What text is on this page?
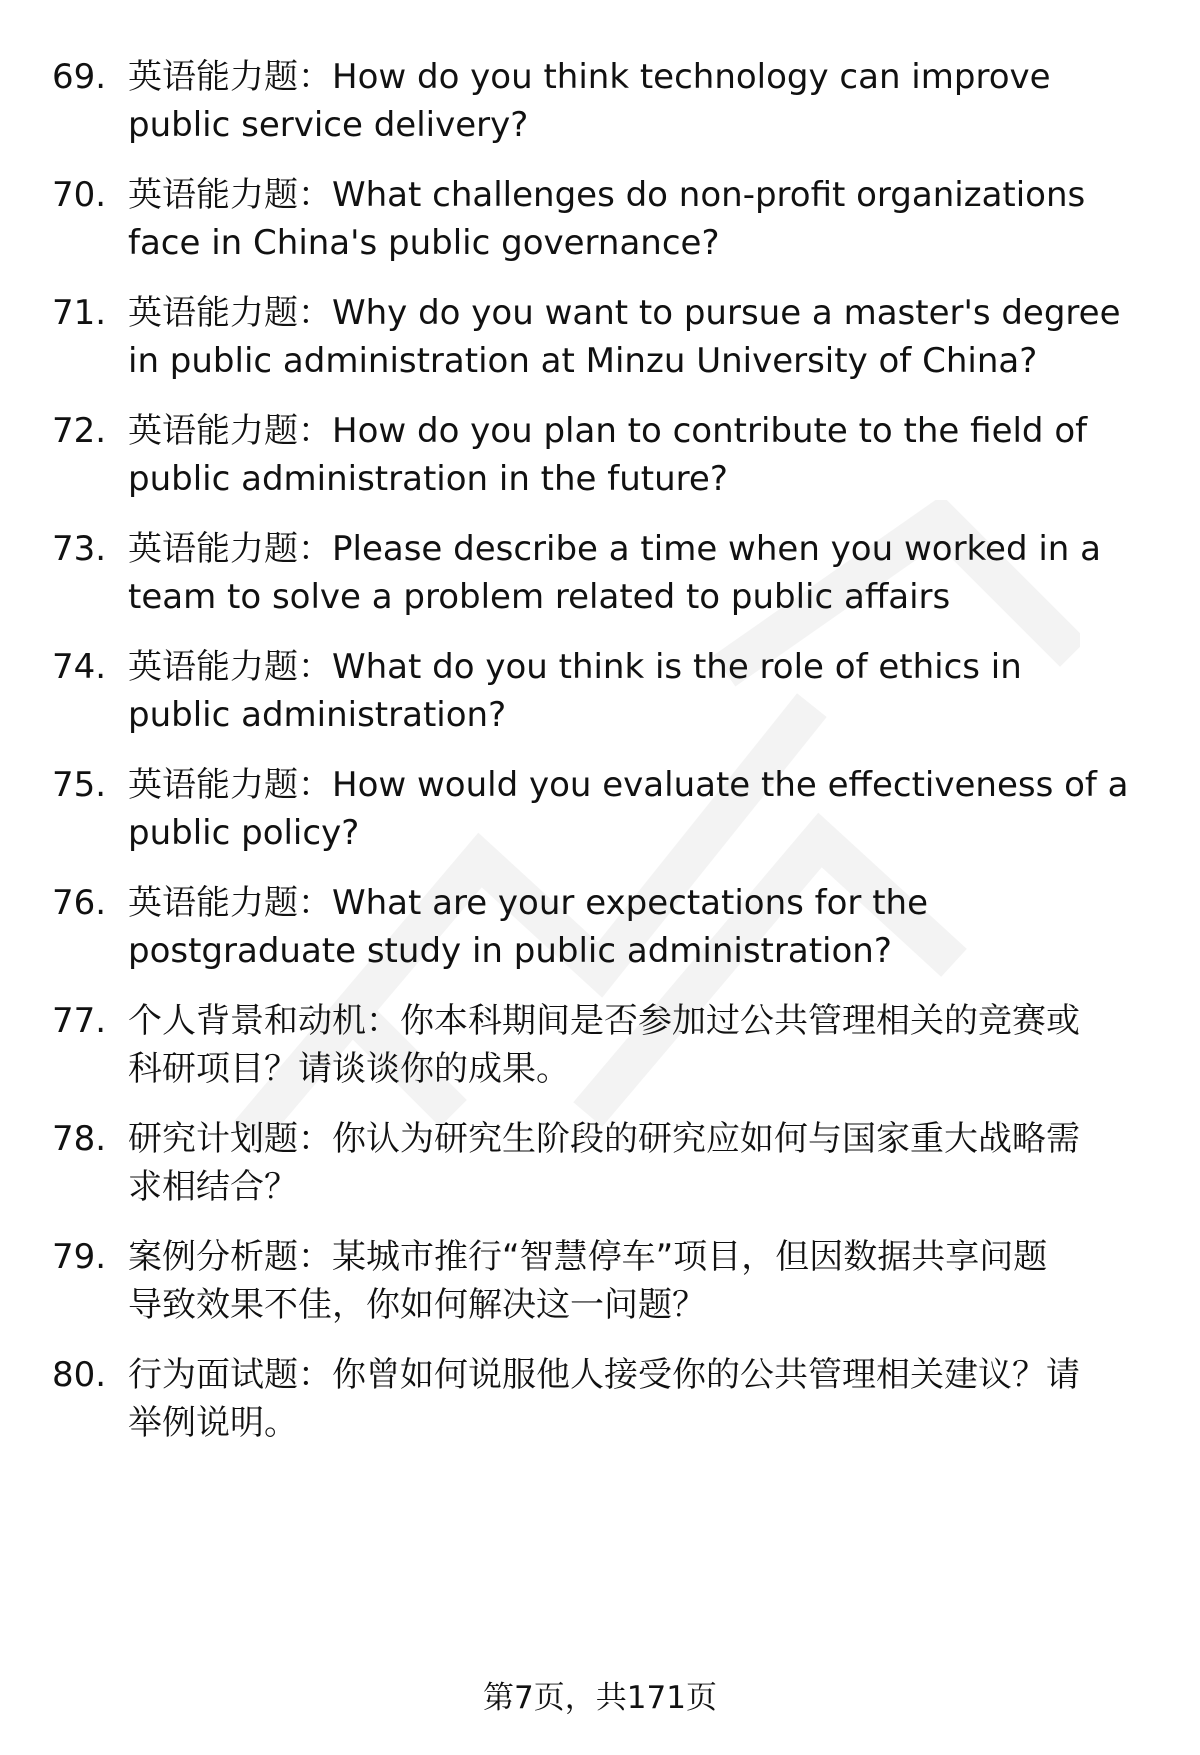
69. 英语能力题：How do you think technology can improve
public service delivery?
70. 英语能力题：What challenges do non-profit organizations
face in China's public governance?
71. 英语能力题：Why do you want to pursue a master's degree
in public administration at Minzu University of China?
72. 英语能力题：How do you plan to contribute to the field of
public administration in the future?
73. 英语能力题：Please describe a time when you worked in a
team to solve a problem related to public affairs
74. 英语能力题：What do you think is the role of ethics in
public administration?
75. 英语能力题：How would you evaluate the effectiveness of a
public policy?
76. 英语能力题：What are your expectations for the
postgraduate study in public administration?
77. 个人背景和动机：你本科期间是否参加过公共管理相关的竞赛或
科研项目？请谈谈你的成果。
78. 研究计划题：你认为研究生阶段的研究应如何与国家重大战略需
求相结合？
79. 案例分析题：某城市推行“智慧停车”项目，但因数据共享问题
导致效果不佳，你如何解决这一问题？
80. 行为面试题：你曾如何说服他人接受你的公共管理相关建议？请
举例说明。
第7页，共171页
